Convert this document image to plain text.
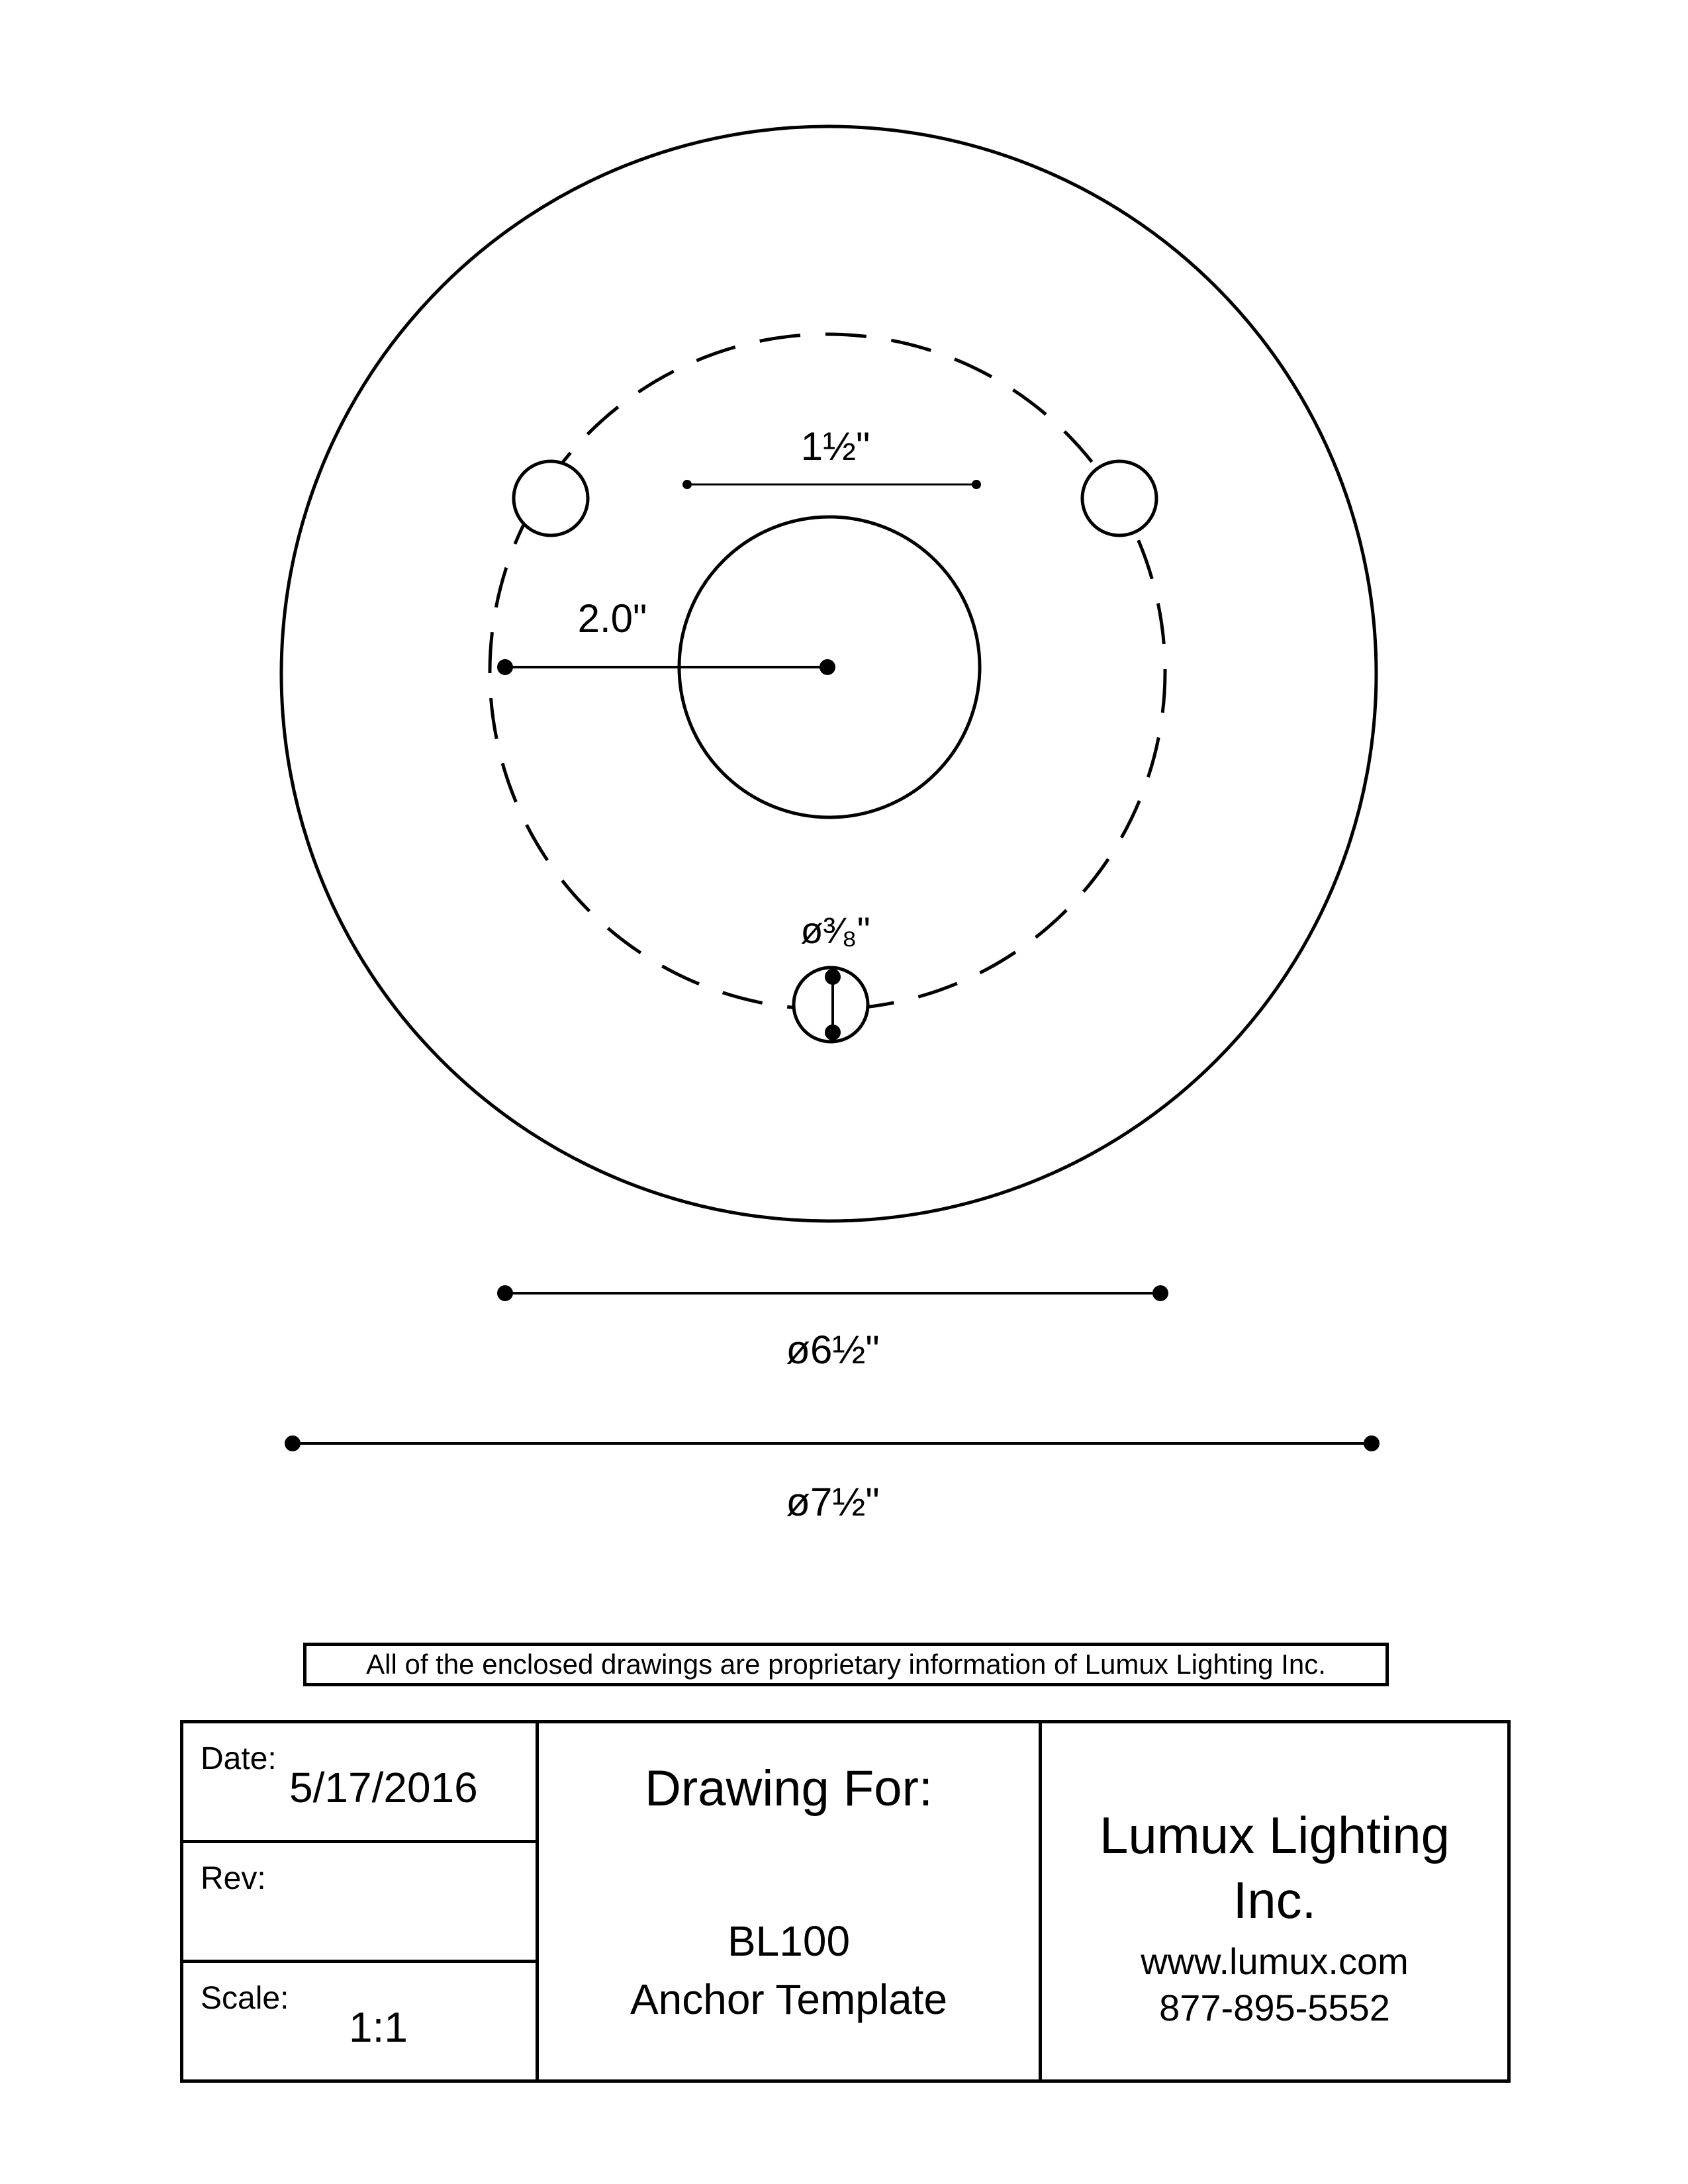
1½"
2.0"
ø³⁄₈"
ø6½"
ø7½"
All of the enclosed drawings are proprietary information of Lumux Lighting Inc.
Date:
5/17/2016
Rev:
Scale:
1:1
Drawing For:
BL100
Anchor Template
Lumux Lighting
Inc.
www.lumux.com
877-895-5552
